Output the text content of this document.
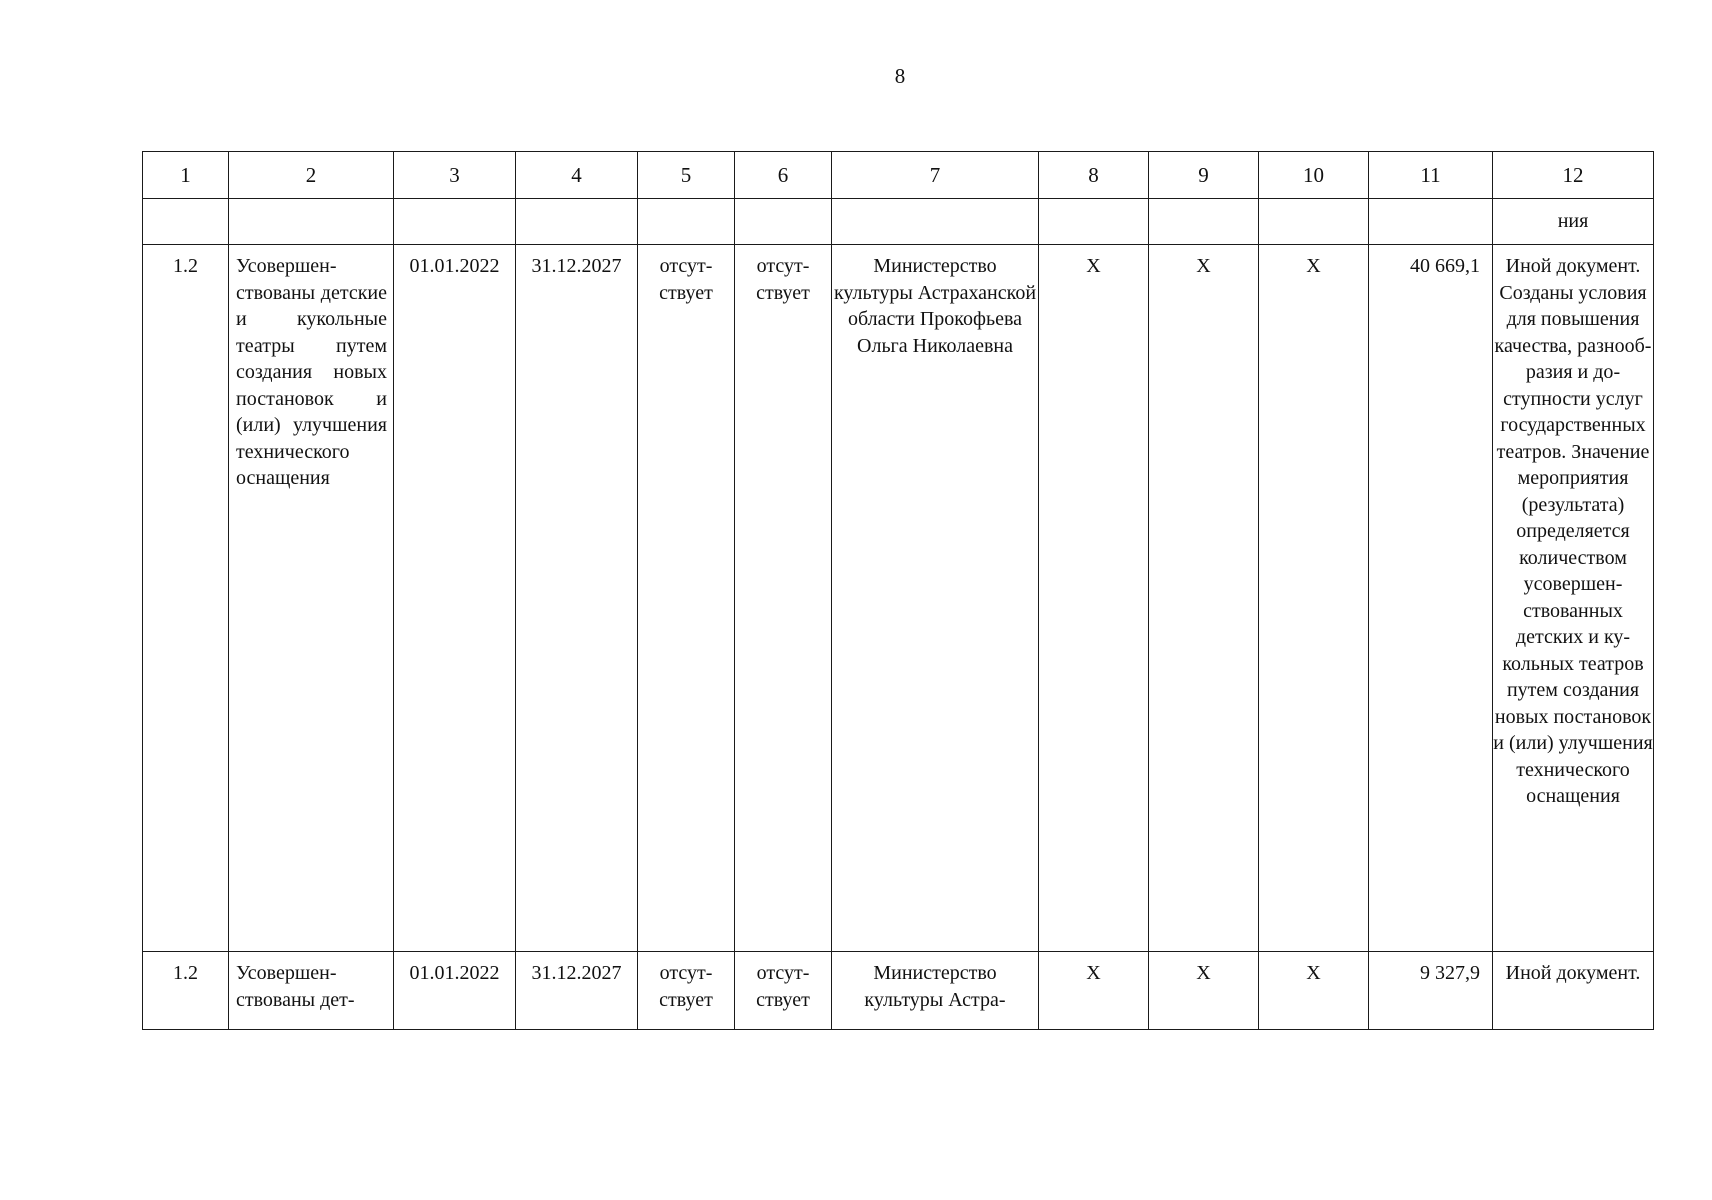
8
1	2	3	4	5	6	7	8	9	10	11	12
											ния
1.2	Усовершенствованы детские и кукольные театры путем создания новых постановок и (или) улучшения технического оснащения	01.01.2022	31.12.2027	отсутствует	отсутствует	Министерство культуры Астраханской области Прокофьева Ольга Николаевна	Х	Х	Х	40 669,1	Иной документ. Созданы условия для повышения качества, разнообразия и доступности услуг государственных театров. Значение мероприятия (результата) определяется количеством усовершенствованных детских и кукольных театров путем создания новых постановок и (или) улучшения технического оснащения
1.2	Усовершенствованы дет-	01.01.2022	31.12.2027	отсутствует	отсутствует	Министерство культуры Астра-	Х	Х	Х	9 327,9	Иной документ.
